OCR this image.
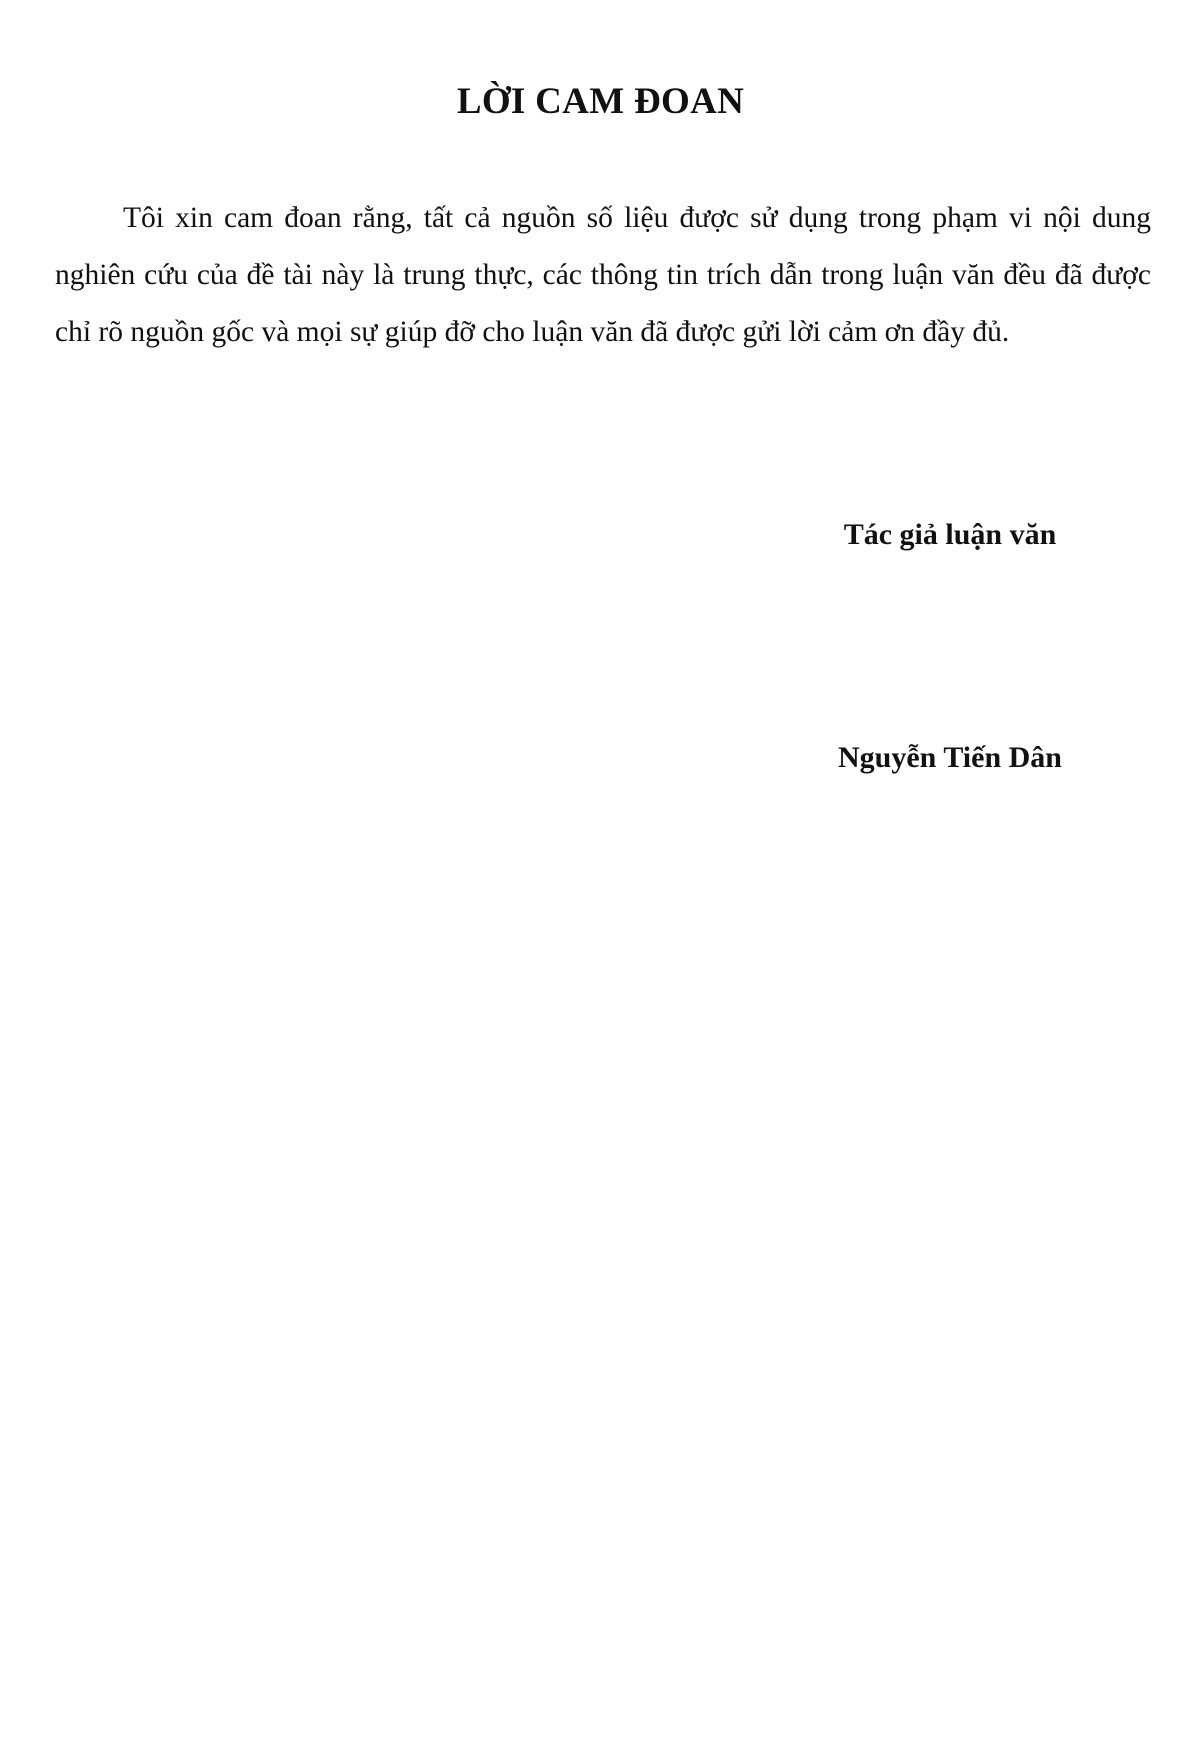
LỜI CAM ĐOAN

Tôi xin cam đoan rằng, tất cả nguồn số liệu được sử dụng trong phạm vi nội dung nghiên cứu của đề tài này là trung thực, các thông tin trích dẫn trong luận văn đều đã được chỉ rõ nguồn gốc và mọi sự giúp đỡ cho luận văn đã được gửi lời cảm ơn đầy đủ.

Tác giả luận văn
Nguyễn Tiến Dân
